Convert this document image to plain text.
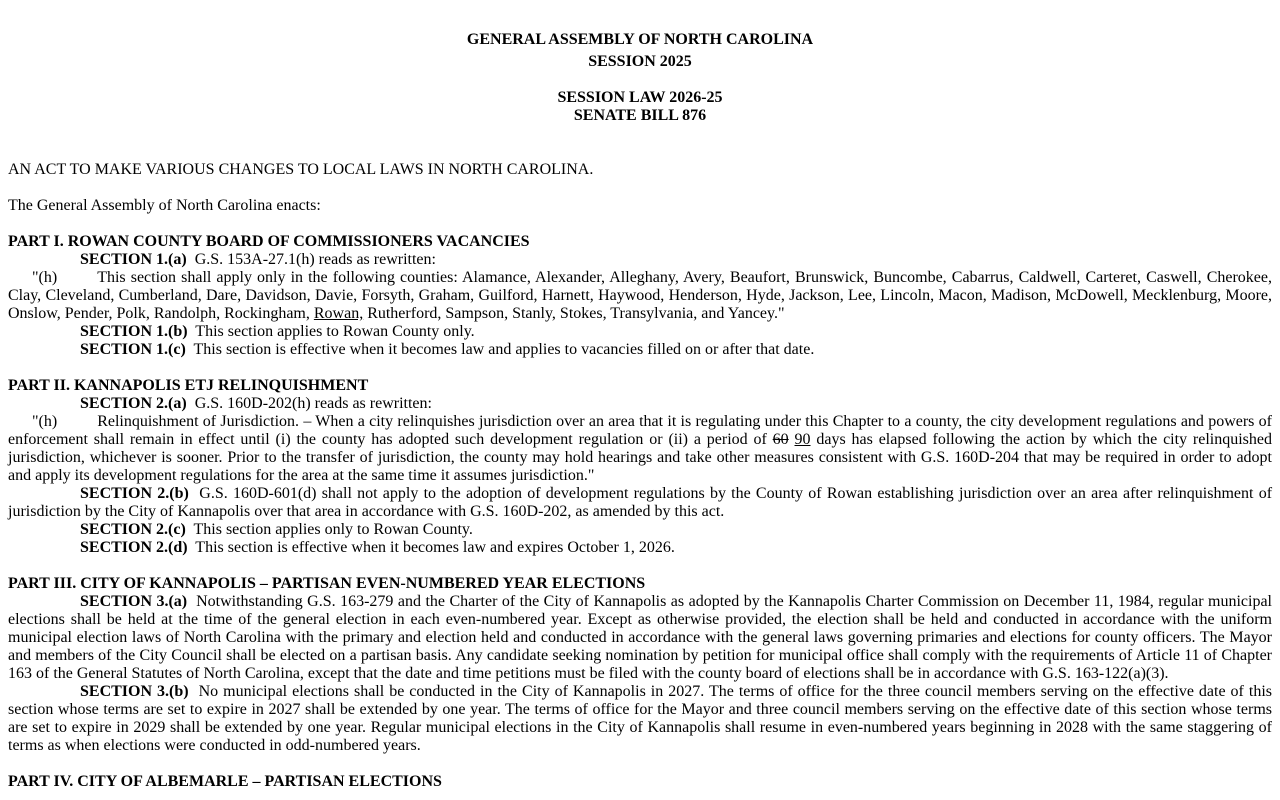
GENERAL ASSEMBLY OF NORTH CAROLINA
SESSION 2025
SESSION LAW 2026-25
SENATE BILL 876

AN ACT TO MAKE VARIOUS CHANGES TO LOCAL LAWS IN NORTH CAROLINA.

The General Assembly of North Carolina enacts:

PART I. ROWAN COUNTY BOARD OF COMMISSIONERS VACANCIES

SECTION 1.(a) G.S. 153A-27.1(h) reads as rewritten:

"(h)	This section shall apply only in the following counties: Alamance, Alexander, Alleghany, Avery, Beaufort, Brunswick, Buncombe, Cabarrus, Caldwell, Carteret, Caswell, Cherokee, Clay, Cleveland, Cumberland, Dare, Davidson, Davie, Forsyth, Graham, Guilford, Harnett, Haywood, Henderson, Hyde, Jackson, Lee, Lincoln, Macon, Madison, McDowell, Mecklenburg, Moore, Onslow, Pender, Polk, Randolph, Rockingham, Rowan, Rutherford, Sampson, Stanly, Stokes, Transylvania, and Yancey."

SECTION 1.(b) This section applies to Rowan County only.

SECTION 1.(c) This section is effective when it becomes law and applies to vacancies filled on or after that date.

PART II. KANNAPOLIS ETJ RELINQUISHMENT

SECTION 2.(a) G.S. 160D-202(h) reads as rewritten:

"(h)	Relinquishment of Jurisdiction. – When a city relinquishes jurisdiction over an area that it is regulating under this Chapter to a county, the city development regulations and powers of enforcement shall remain in effect until (i) the county has adopted such development regulation or (ii) a period of 60 90 days has elapsed following the action by which the city relinquished jurisdiction, whichever is sooner. Prior to the transfer of jurisdiction, the county may hold hearings and take other measures consistent with G.S. 160D-204 that may be required in order to adopt and apply its development regulations for the area at the same time it assumes jurisdiction."

SECTION 2.(b) G.S. 160D-601(d) shall not apply to the adoption of development regulations by the County of Rowan establishing jurisdiction over an area after relinquishment of jurisdiction by the City of Kannapolis over that area in accordance with G.S. 160D-202, as amended by this act.

SECTION 2.(c) This section applies only to Rowan County.

SECTION 2.(d) This section is effective when it becomes law and expires October 1, 2026.

PART III. CITY OF KANNAPOLIS – PARTISAN EVEN-NUMBERED YEAR ELECTIONS

SECTION 3.(a) Notwithstanding G.S. 163-279 and the Charter of the City of Kannapolis as adopted by the Kannapolis Charter Commission on December 11, 1984, regular municipal elections shall be held at the time of the general election in each even-numbered year. Except as otherwise provided, the election shall be held and conducted in accordance with the uniform municipal election laws of North Carolina with the primary and election held and conducted in accordance with the general laws governing primaries and elections for county officers. The Mayor and members of the City Council shall be elected on a partisan basis. Any candidate seeking nomination by petition for municipal office shall comply with the requirements of Article 11 of Chapter 163 of the General Statutes of North Carolina, except that the date and time petitions must be filed with the county board of elections shall be in accordance with G.S. 163-122(a)(3).

SECTION 3.(b) No municipal elections shall be conducted in the City of Kannapolis in 2027. The terms of office for the three council members serving on the effective date of this section whose terms are set to expire in 2027 shall be extended by one year. The terms of office for the Mayor and three council members serving on the effective date of this section whose terms are set to expire in 2029 shall be extended by one year. Regular municipal elections in the City of Kannapolis shall resume in even-numbered years beginning in 2028 with the same staggering of terms as when elections were conducted in odd-numbered years.

PART IV. CITY OF ALBEMARLE – PARTISAN ELECTIONS
